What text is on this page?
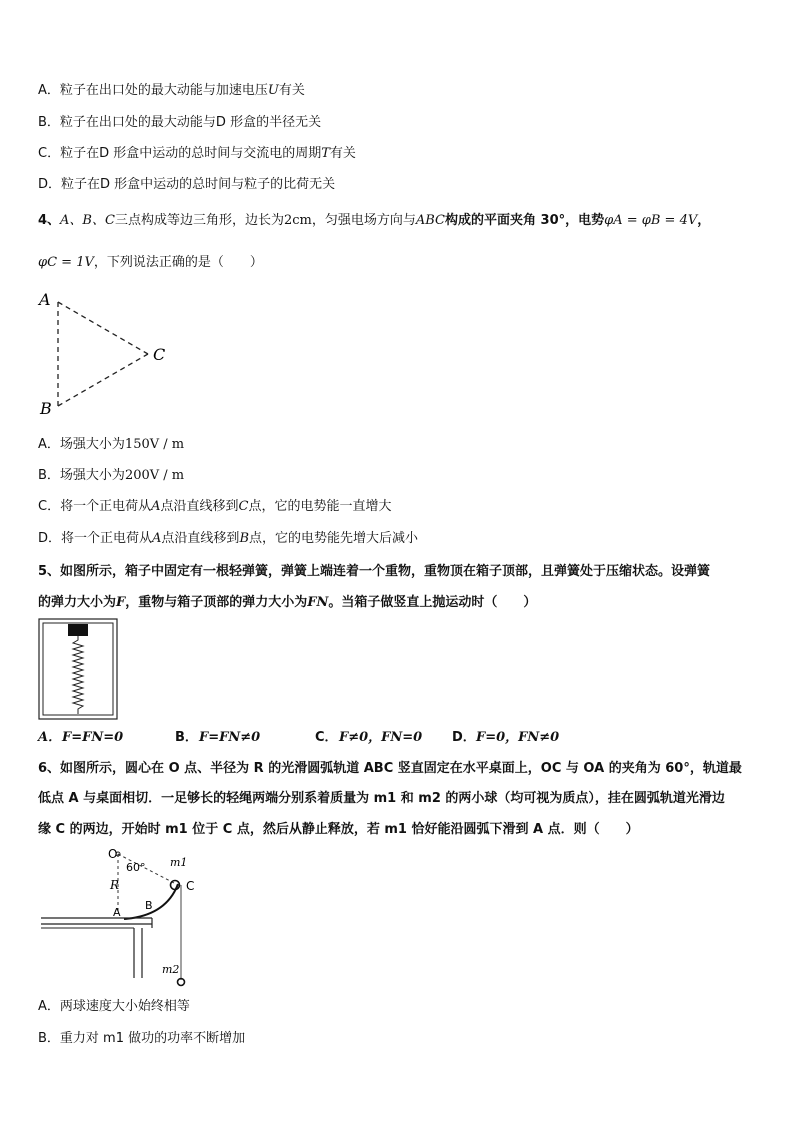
A．粒子在出口处的最大动能与加速电压U有关
B．粒子在出口处的最大动能与D 形盒的半径无关
C．粒子在D 形盒中运动的总时间与交流电的周期T有关
D．粒子在D 形盒中运动的总时间与粒子的比荷无关
4、A、B、C三点构成等边三角形，边长为2cm，匀强电场方向与ABC构成的平面夹角 30°，电势φA = φB = 4V，
φC = 1V，下列说法正确的是（　　）
A
B
C
A．场强大小为150V / m
B．场强大小为200V / m
C．将一个正电荷从A点沿直线移到C点，它的电势能一直增大
D．将一个正电荷从A点沿直线移到B点，它的电势能先增大后减小
5、如图所示，箱子中固定有一根轻弹簧，弹簧上端连着一个重物，重物顶在箱子顶部，且弹簧处于压缩状态。设弹簧
的弹力大小为F，重物与箱子顶部的弹力大小为FN。当箱子做竖直上抛运动时（　　）
A． F=FN=0	B． F=FN≠0	C． F≠0，FN=0 D． F=0，FN≠0
6、如图所示，圆心在 O 点、半径为 R 的光滑圆弧轨道 ABC 竖直固定在水平桌面上，OC 与 OA 的夹角为 60°，轨道最
低点 A 与桌面相切．一足够长的轻绳两端分别系着质量为 m1 和 m2 的两小球（均可视为质点），挂在圆弧轨道光滑边
缘 C 的两边，开始时 m1 位于 C 点，然后从静止释放，若 m1 恰好能沿圆弧下滑到 A 点．则（　　）
O
60° m1
R	C
A
B
m2
A．两球速度大小始终相等
B．重力对 m1 做功的功率不断增加
